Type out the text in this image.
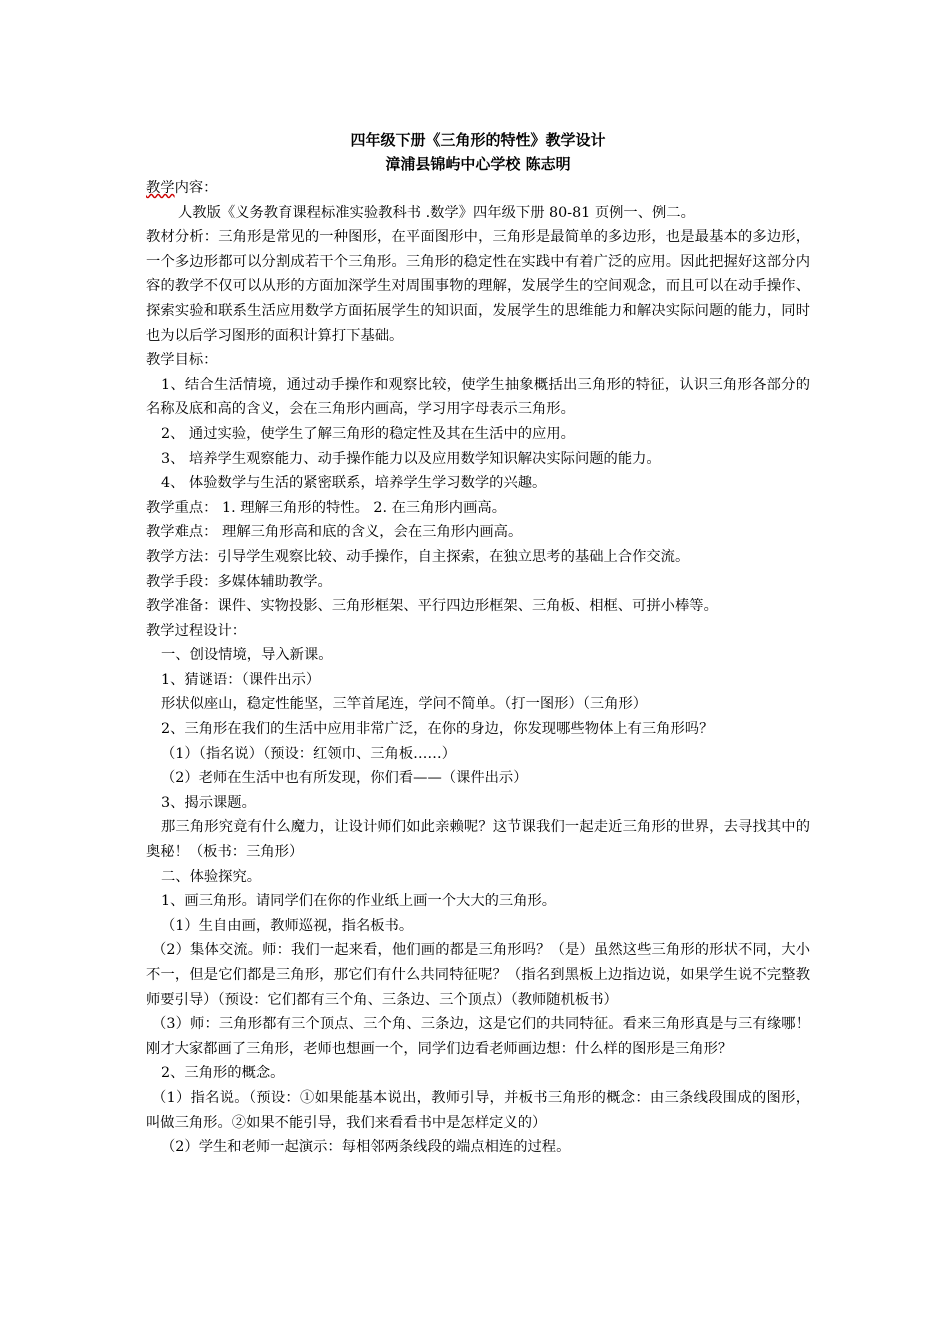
四年级下册《三角形的特性》教学设计
漳浦县锦屿中心学校 陈志明

教学内容：

人教版《义务教育课程标准实验教科书 .数学》四年级下册 80-81 页例一、例二。

教材分析：三角形是常见的一种图形，在平面图形中，三角形是最简单的多边形，也是最基本的多边形，一个多边形都可以分割成若干个三角形。三角形的稳定性在实践中有着广泛的应用。因此把握好这部分内容的教学不仅可以从形的方面加深学生对周围事物的理解，发展学生的空间观念，而且可以在动手操作、探索实验和联系生活应用数学方面拓展学生的知识面，发展学生的思维能力和解决实际问题的能力，同时也为以后学习图形的面积计算打下基础。

教学目标：

1、结合生活情境，通过动手操作和观察比较，使学生抽象概括出三角形的特征，认识三角形各部分的名称及底和高的含义，会在三角形内画高，学习用字母表示三角形。

2、 通过实验，使学生了解三角形的稳定性及其在生活中的应用。

3、 培养学生观察能力、动手操作能力以及应用数学知识解决实际问题的能力。

4、 体验数学与生活的紧密联系，培养学生学习数学的兴趣。

教学重点： 1. 理解三角形的特性。 2. 在三角形内画高。

教学难点： 理解三角形高和底的含义，会在三角形内画高。

教学方法：引导学生观察比较、动手操作，自主探索，在独立思考的基础上合作交流。

教学手段：多媒体辅助教学。

教学准备：课件、实物投影、三角形框架、平行四边形框架、三角板、相框、可拼小棒等。

教学过程设计：

一、创设情境，导入新课。

1、猜谜语：（课件出示）

形状似座山，稳定性能坚，三竿首尾连，学问不简单。（打一图形）（三角形）

2、三角形在我们的生活中应用非常广泛，在你的身边，你发现哪些物体上有三角形吗？

（1）（指名说）（预设：红领巾、三角板……）

（2）老师在生活中也有所发现，你们看——（课件出示）

3、揭示课题。

那三角形究竟有什么魔力，让设计师们如此亲赖呢？这节课我们一起走近三角形的世界，去寻找其中的奥秘！（板书：三角形）

二、体验探究。

1、画三角形。请同学们在你的作业纸上画一个大大的三角形。

（1）生自由画，教师巡视，指名板书。

（2）集体交流。师：我们一起来看，他们画的都是三角形吗？（是）虽然这些三角形的形状不同，大小不一，但是它们都是三角形，那它们有什么共同特征呢？（指名到黑板上边指边说，如果学生说不完整教师要引导）（预设：它们都有三个角、三条边、三个顶点）（教师随机板书）

（3）师：三角形都有三个顶点、三个角、三条边，这是它们的共同特征。看来三角形真是与三有缘哪！刚才大家都画了三角形，老师也想画一个，同学们边看老师画边想：什么样的图形是三角形？

2、三角形的概念。

（1）指名说。（预设：①如果能基本说出，教师引导，并板书三角形的概念：由三条线段围成的图形，叫做三角形。②如果不能引导，我们来看看书中是怎样定义的）

（2）学生和老师一起演示：每相邻两条线段的端点相连的过程。
